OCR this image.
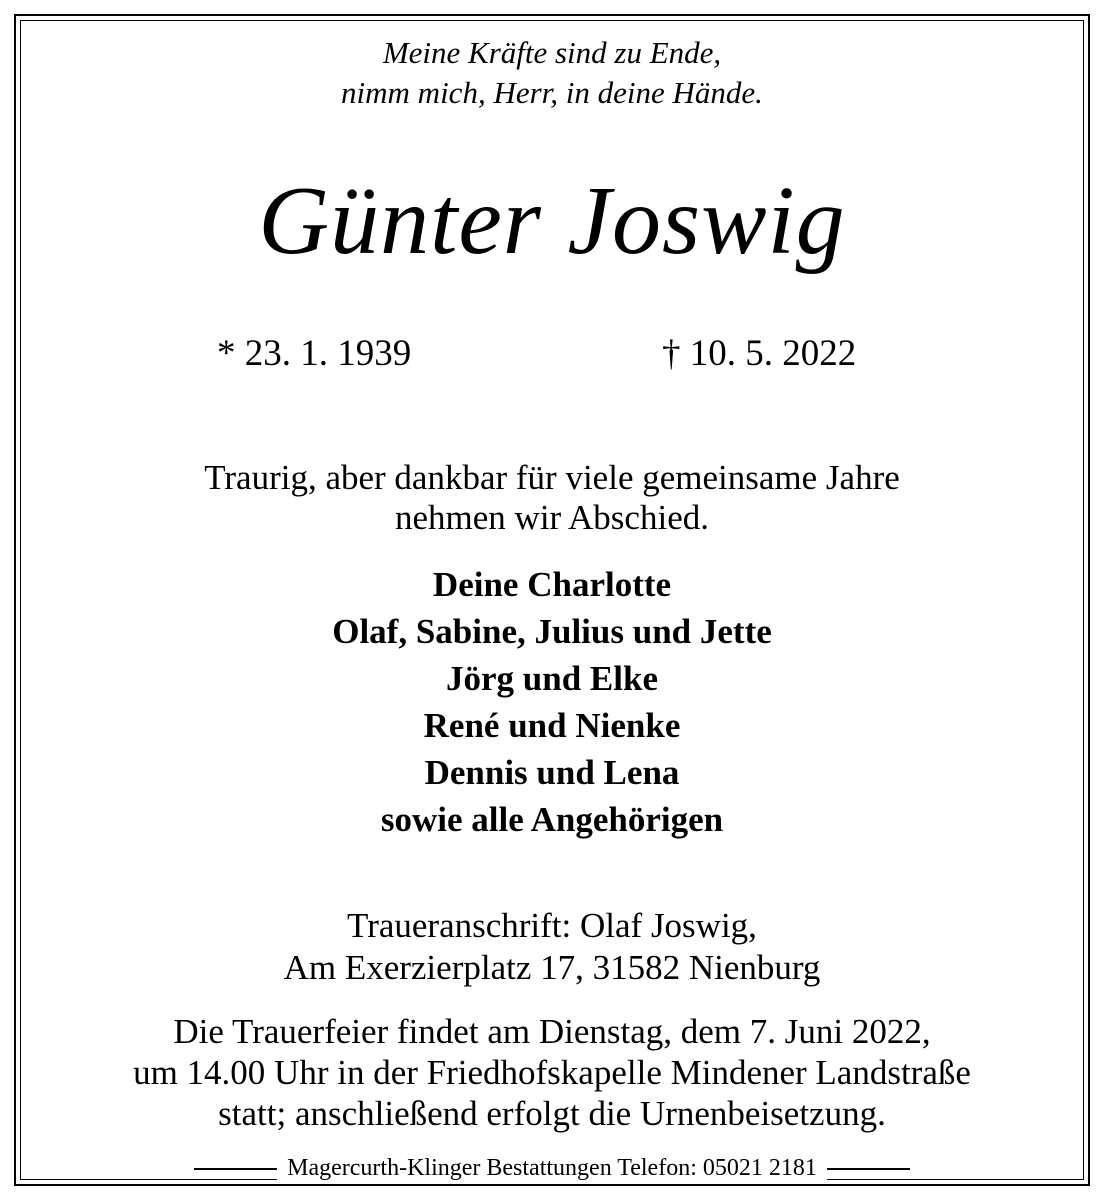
Meine Kräfte sind zu Ende,
nimm mich, Herr, in deine Hände.
Günter Joswig
* 23. 1. 1939	† 10. 5. 2022
Traurig, aber dankbar für viele gemeinsame Jahre
nehmen wir Abschied.
Deine Charlotte
Olaf, Sabine, Julius und Jette
Jörg und Elke
René und Nienke
Dennis und Lena
sowie alle Angehörigen
Traueranschrift: Olaf Joswig,
Am Exerzierplatz 17, 31582 Nienburg
Die Trauerfeier findet am Dienstag, dem 7. Juni 2022,
um 14.00 Uhr in der Friedhofskapelle Mindener Landstraße
statt; anschließend erfolgt die Urnenbeisetzung.
Magercurth-Klinger Bestattungen Telefon: 05021 2181
